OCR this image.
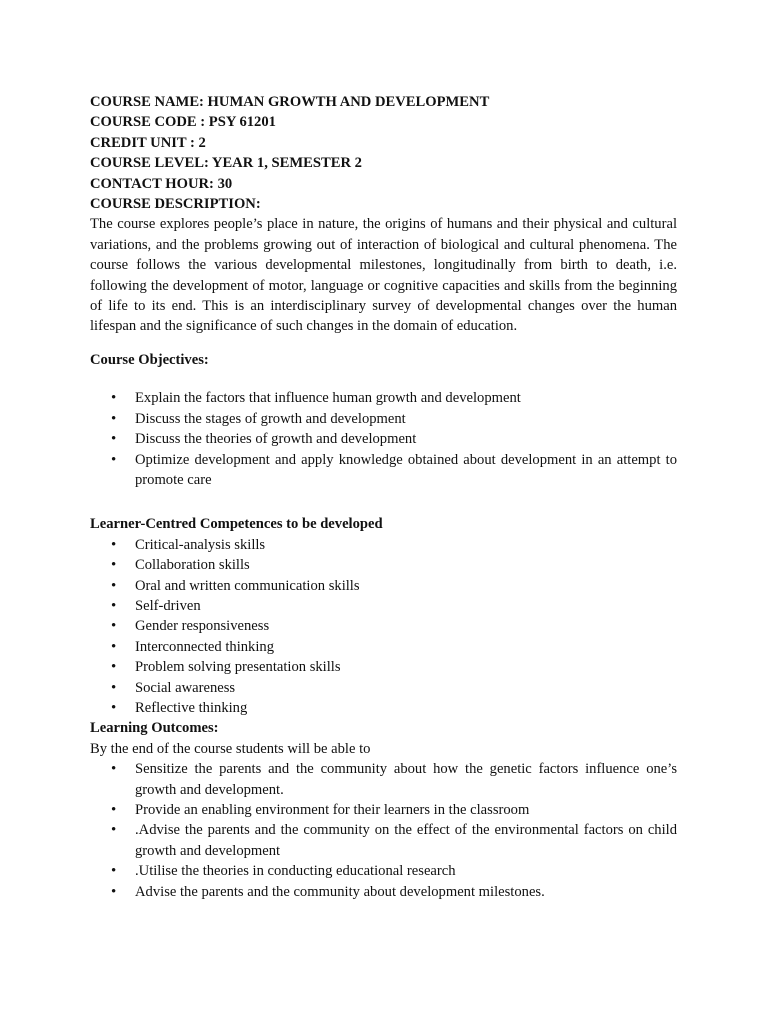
COURSE NAME: HUMAN GROWTH AND DEVELOPMENT

COURSE CODE : PSY 61201

CREDIT UNIT : 2

COURSE LEVEL: YEAR 1, SEMESTER 2

CONTACT HOUR: 30

COURSE DESCRIPTION:

The course explores people’s place in nature, the origins of humans and their physical and cultural variations, and the problems growing out of interaction of biological and cultural phenomena. The course follows the various developmental milestones, longitudinally from birth to death, i.e. following the development of motor, language or cognitive capacities and skills from the beginning of life to its end. This is an interdisciplinary survey of developmental changes over the human lifespan and the significance of such changes in the domain of education.

Course Objectives:

• Explain the factors that influence human growth and development
• Discuss the stages of growth and development
• Discuss the theories of growth and development
• Optimize development and apply knowledge obtained about development in an attempt to promote care

Learner-Centred Competences to be developed

• Critical-analysis skills
• Collaboration skills
• Oral and written communication skills
• Self-driven
• Gender responsiveness
• Interconnected thinking
• Problem solving presentation skills
• Social awareness
• Reflective thinking

Learning Outcomes:

By the end of the course students will be able to

• Sensitize the parents and the community about how the genetic factors influence one’s growth and development.
• Provide an enabling environment for their learners in the classroom
• .Advise the parents and the community on the effect of the environmental factors on child growth and development
• .Utilise the theories in conducting educational research
• Advise the parents and the community about development milestones.
